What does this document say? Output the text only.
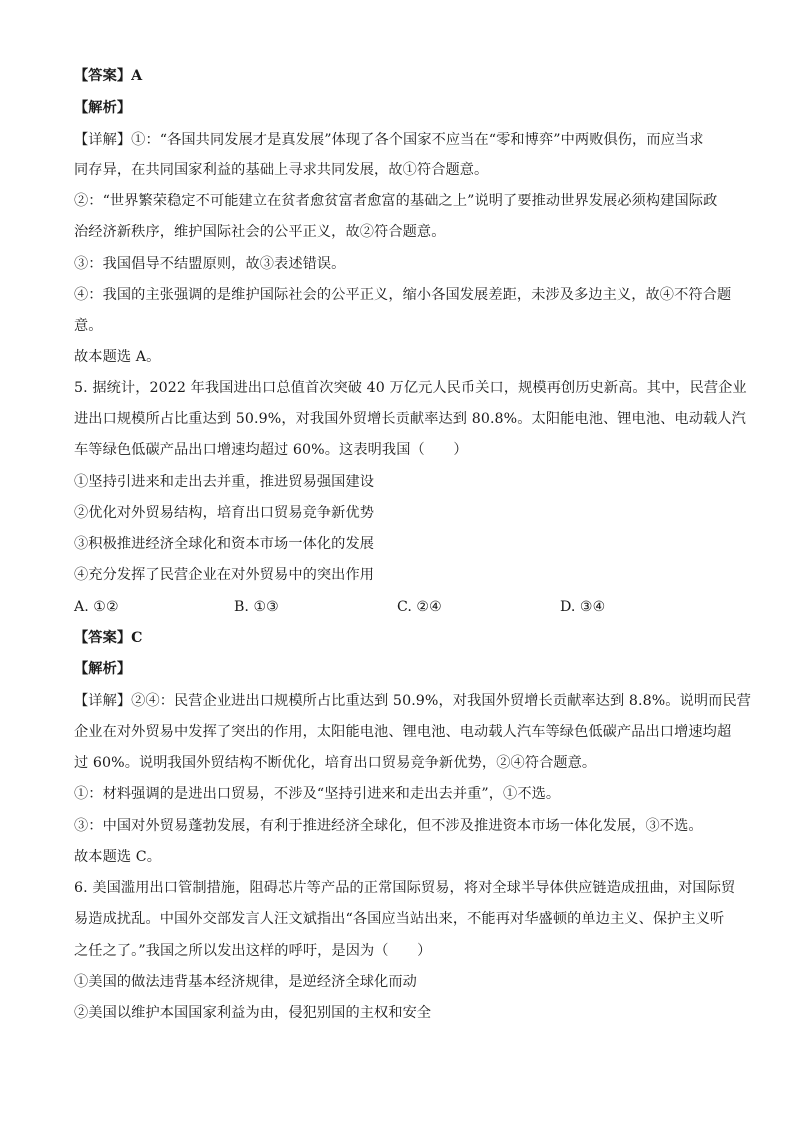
【答案】A
【解析】
【详解】①：“各国共同发展才是真发展”体现了各个国家不应当在“零和博弈”中两败俱伤，而应当求
同存异，在共同国家利益的基础上寻求共同发展，故①符合题意。
②：“世界繁荣稳定不可能建立在贫者愈贫富者愈富的基础之上”说明了要推动世界发展必须构建国际政
治经济新秩序，维护国际社会的公平正义，故②符合题意。
③：我国倡导不结盟原则，故③表述错误。
④：我国的主张强调的是维护国际社会的公平正义，缩小各国发展差距，未涉及多边主义，故④不符合题
意。
故本题选 A。
5. 据统计，2022 年我国进出口总值首次突破 40 万亿元人民币关口，规模再创历史新高。其中，民营企业
进出口规模所占比重达到 50.9%，对我国外贸增长贡献率达到 80.8%。太阳能电池、锂电池、电动载人汽
车等绿色低碳产品出口增速均超过 60%。这表明我国（　　）
①坚持引进来和走出去并重，推进贸易强国建设
②优化对外贸易结构，培育出口贸易竞争新优势
③积极推进经济全球化和资本市场一体化的发展
④充分发挥了民营企业在对外贸易中的突出作用
A. ①②	B. ①③	C. ②④	D. ③④
【答案】C
【解析】
【详解】②④：民营企业进出口规模所占比重达到 50.9%，对我国外贸增长贡献率达到 8.8%。说明而民营
企业在对外贸易中发挥了突出的作用，太阳能电池、锂电池、电动载人汽车等绿色低碳产品出口增速均超
过 60%。说明我国外贸结构不断优化，培育出口贸易竞争新优势，②④符合题意。
①：材料强调的是进出口贸易，不涉及“坚持引进来和走出去并重”，①不选。
③：中国对外贸易蓬勃发展，有利于推进经济全球化，但不涉及推进资本市场一体化发展，③不选。
故本题选 C。
6. 美国滥用出口管制措施，阻碍芯片等产品的正常国际贸易，将对全球半导体供应链造成扭曲，对国际贸
易造成扰乱。中国外交部发言人汪文斌指出“各国应当站出来，不能再对华盛顿的单边主义、保护主义听
之任之了。”我国之所以发出这样的呼吁，是因为（　　）
①美国的做法违背基本经济规律，是逆经济全球化而动
②美国以维护本国国家利益为由，侵犯别国的主权和安全
